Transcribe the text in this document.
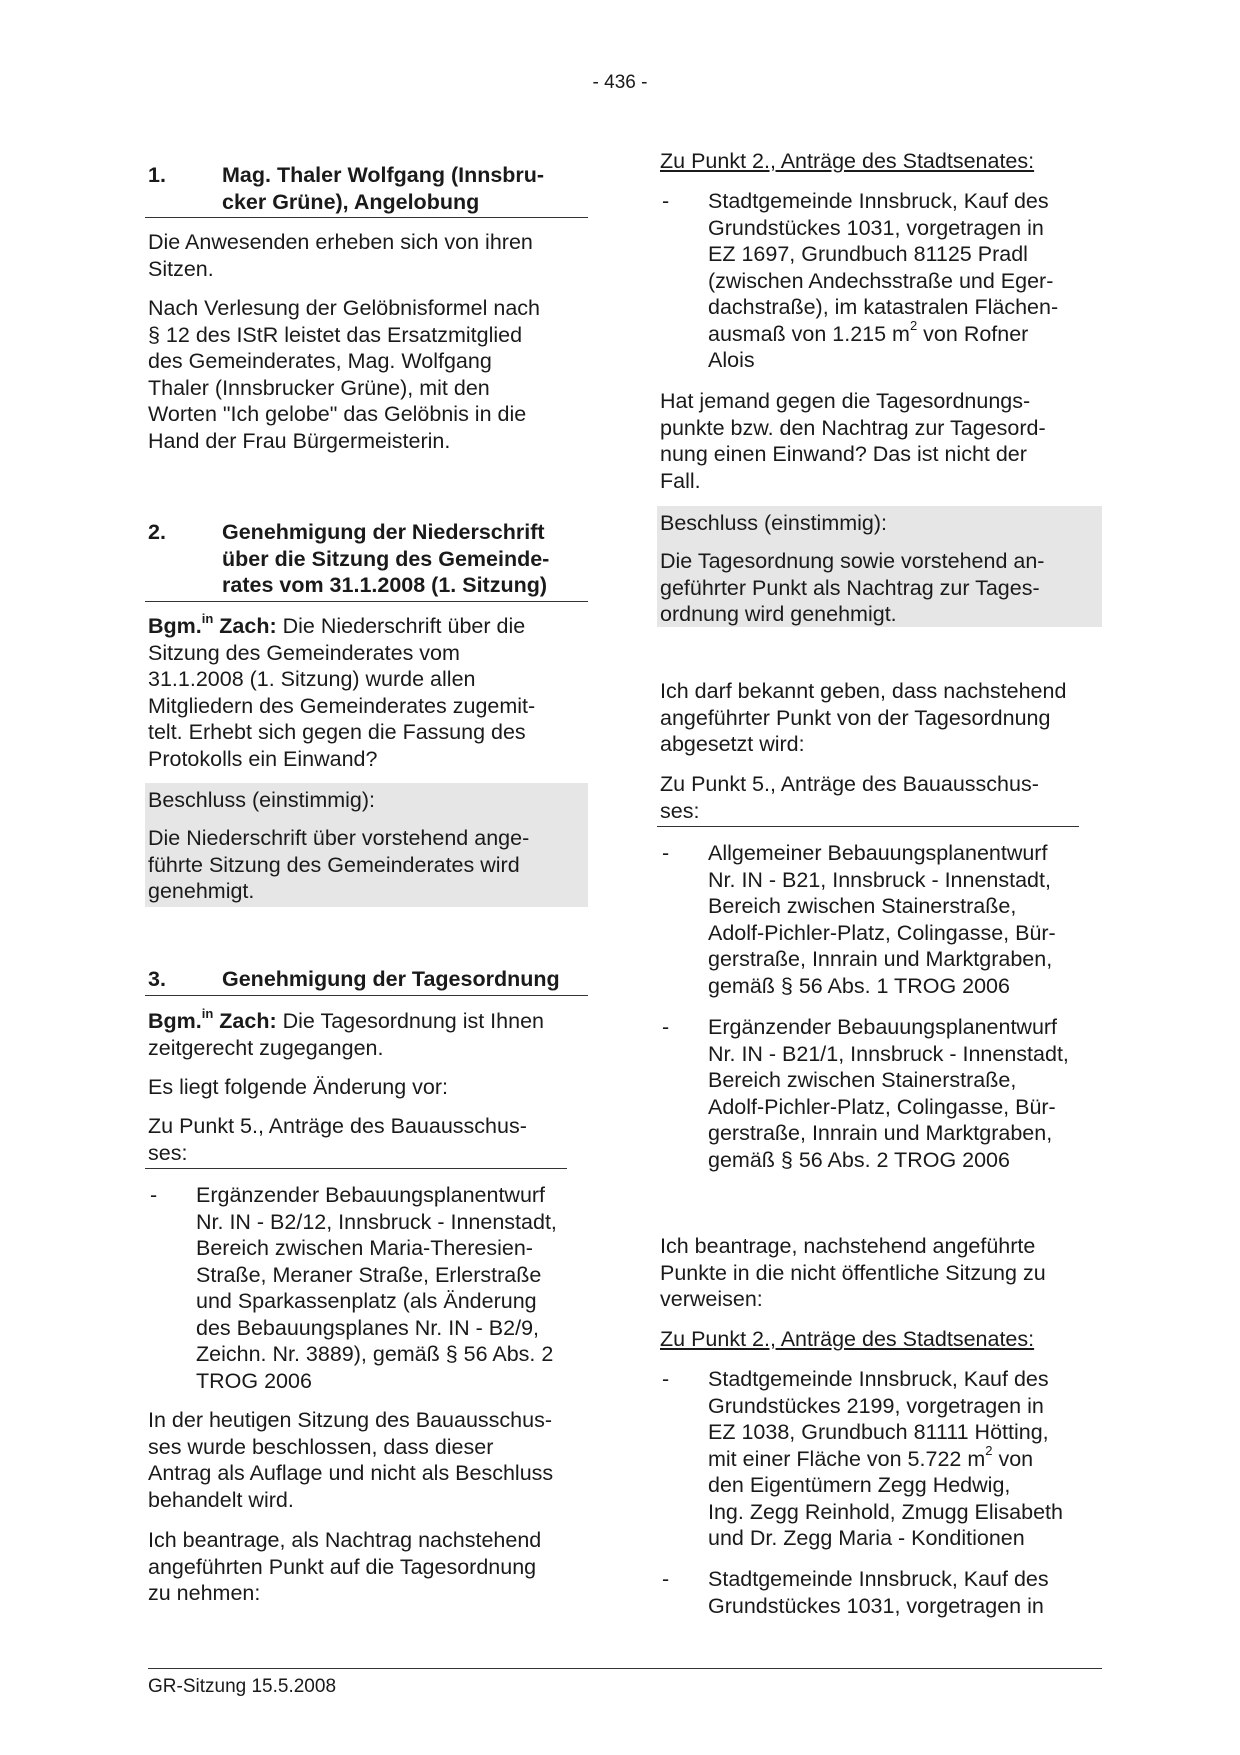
- 436 -
1.	Mag. Thaler Wolfgang (Innsbru-
cker Grüne), Angelobung
Die Anwesenden erheben sich von ihren
Sitzen.
Nach Verlesung der Gelöbnisformel nach
§ 12 des IStR leistet das Ersatzmitglied
des Gemeinderates, Mag. Wolfgang
Thaler (Innsbrucker Grüne), mit den
Worten "Ich gelobe" das Gelöbnis in die
Hand der Frau Bürgermeisterin.
2.	Genehmigung der Niederschrift
über die Sitzung des Gemeinde-
rates vom 31.1.2008 (1. Sitzung)
Bgm.$^{in}$ Zach: Die Niederschrift über die
Sitzung des Gemeinderates vom
31.1.2008 (1. Sitzung) wurde allen
Mitgliedern des Gemeinderates zugemit-
telt. Erhebt sich gegen die Fassung des
Protokolls ein Einwand?
Beschluss (einstimmig):
Die Niederschrift über vorstehend ange-
führte Sitzung des Gemeinderates wird
genehmigt.
3.	Genehmigung der Tagesordnung
Bgm.$^{in}$ Zach: Die Tagesordnung ist Ihnen
zeitgerecht zugegangen.
Es liegt folgende Änderung vor:
Zu Punkt 5., Anträge des Bauausschus-
ses:
- Ergänzender Bebauungsplanentwurf
Nr. IN - B2/12, Innsbruck - Innenstadt,
Bereich zwischen Maria-Theresien-
Straße, Meraner Straße, Erlerstraße
und Sparkassenplatz (als Änderung
des Bebauungsplanes Nr. IN - B2/9,
Zeichn. Nr. 3889), gemäß § 56 Abs. 2
TROG 2006
In der heutigen Sitzung des Bauausschus-
ses wurde beschlossen, dass dieser
Antrag als Auflage und nicht als Beschluss
behandelt wird.
Ich beantrage, als Nachtrag nachstehend
angeführten Punkt auf die Tagesordnung
zu nehmen:
Zu Punkt 2., Anträge des Stadtsenates:
- Stadtgemeinde Innsbruck, Kauf des
Grundstückes 1031, vorgetragen in
EZ 1697, Grundbuch 81125 Pradl
(zwischen Andechsstraße und Eger-
dachstraße), im katastralen Flächen-
ausmaß von 1.215 $m^2$ von Rofner
Alois
Hat jemand gegen die Tagesordnungs-
punkte bzw. den Nachtrag zur Tagesord-
nung einen Einwand? Das ist nicht der
Fall.
Beschluss (einstimmig):
Die Tagesordnung sowie vorstehend an-
geführter Punkt als Nachtrag zur Tages-
ordnung wird genehmigt.
Ich darf bekannt geben, dass nachstehend
angeführter Punkt von der Tagesordnung
abgesetzt wird:
Zu Punkt 5., Anträge des Bauausschus-
ses:
- Allgemeiner Bebauungsplanentwurf
Nr. IN - B21, Innsbruck - Innenstadt,
Bereich zwischen Stainerstraße,
Adolf-Pichler-Platz, Colingasse, Bür-
gerstraße, Innrain und Marktgraben,
gemäß § 56 Abs. 1 TROG 2006
- Ergänzender Bebauungsplanentwurf
Nr. IN - B21/1, Innsbruck - Innenstadt,
Bereich zwischen Stainerstraße,
Adolf-Pichler-Platz, Colingasse, Bür-
gerstraße, Innrain und Marktgraben,
gemäß § 56 Abs. 2 TROG 2006
Ich beantrage, nachstehend angeführte
Punkte in die nicht öffentliche Sitzung zu
verweisen:
Zu Punkt 2., Anträge des Stadtsenates:
- Stadtgemeinde Innsbruck, Kauf des
Grundstückes 2199, vorgetragen in
EZ 1038, Grundbuch 81111 Hötting,
mit einer Fläche von 5.722 $m^2$ von
den Eigentümern Zegg Hedwig,
Ing. Zegg Reinhold, Zmugg Elisabeth
und Dr. Zegg Maria - Konditionen
- Stadtgemeinde Innsbruck, Kauf des
Grundstückes 1031, vorgetragen in
GR-Sitzung 15.5.2008
